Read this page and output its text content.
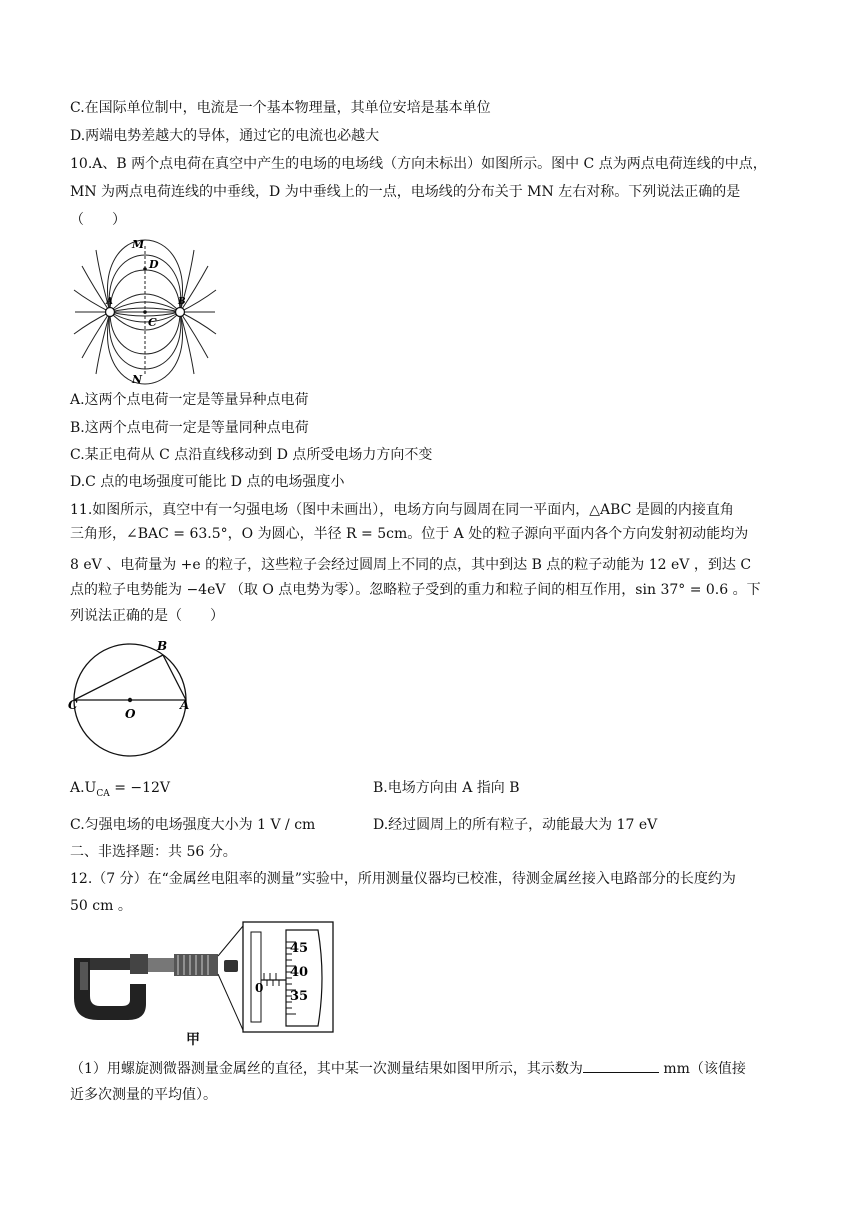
C.在国际单位制中，电流是一个基本物理量，其单位安培是基本单位
D.两端电势差越大的导体，通过它的电流也必越大
10.A、B 两个点电荷在真空中产生的电场的电场线（方向未标出）如图所示。图中 C 点为两点电荷连线的中点，
MN 为两点电荷连线的中垂线，D 为中垂线上的一点，电场线的分布关于 MN 左右对称。下列说法正确的是
（　　）
M
D
A	B
C
N
A.这两个点电荷一定是等量异种点电荷
B.这两个点电荷一定是等量同种点电荷
C.某正电荷从 C 点沿直线移动到 D 点所受电场力方向不变
D.C 点的电场强度可能比 D 点的电场强度小
11.如图所示，真空中有一匀强电场（图中未画出），电场方向与圆周在同一平面内，△ABC 是圆的内接直角
三角形，∠BAC = 63.5°，O 为圆心，半径 R = 5cm。位于 A 处的粒子源向平面内各个方向发射初动能均为
8 eV 、电荷量为 +e 的粒子，这些粒子会经过圆周上不同的点，其中到达 B 点的粒子动能为 12 eV ，到达 C
点的粒子电势能为 −4eV （取 O 点电势为零）。忽略粒子受到的重力和粒子间的相互作用，sin 37° = 0.6 。下
列说法正确的是（　　）
B
C
O
A
$A.U_{CA} = -12V$	B.电场方向由 A 指向 B
C.匀强电场的电场强度大小为 1 V / cm	D.经过圆周上的所有粒子，动能最大为 17 eV
二、非选择题：共 56 分。
12.（7 分）在“金属丝电阻率的测量”实验中，所用测量仪器均已校准，待测金属丝接入电路部分的长度约为
50 cm 。
45
40
35
0
甲
（1）用螺旋测微器测量金属丝的直径，其中某一次测量结果如图甲所示，其示数为	mm（该值接
近多次测量的平均值）。
